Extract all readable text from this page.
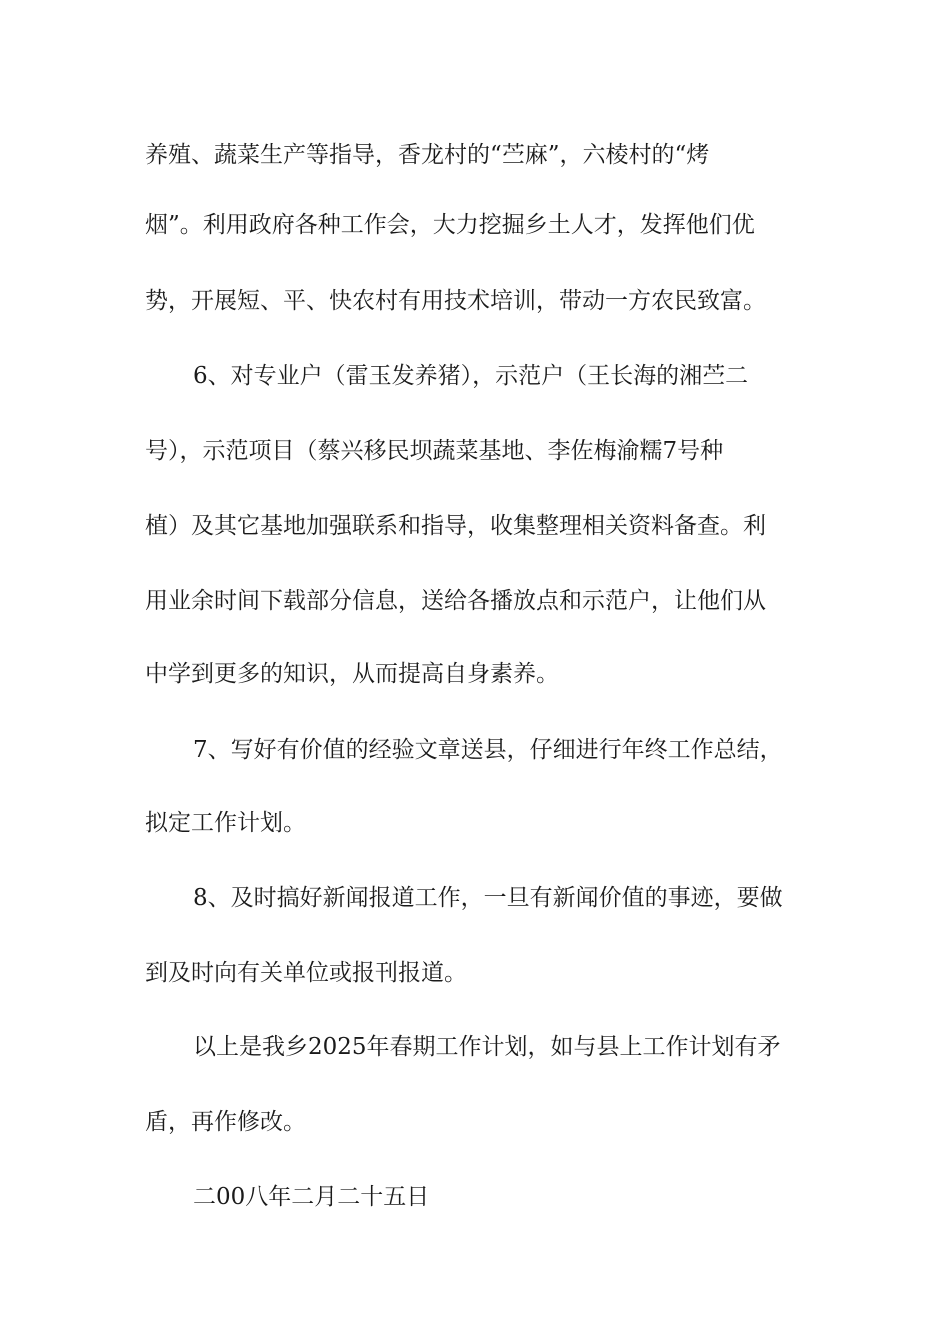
养殖、蔬菜生产等指导，香龙村的“苎麻”，六棱村的“烤
烟”。利用政府各种工作会，大力挖掘乡土人才，发挥他们优
势，开展短、平、快农村有用技术培训，带动一方农民致富。
6、对专业户（雷玉发养猪），示范户（王长海的湘苎二
号），示范项目（蔡兴移民坝蔬菜基地、李佐梅渝糯7号种
植）及其它基地加强联系和指导，收集整理相关资料备查。利
用业余时间下载部分信息，送给各播放点和示范户，让他们从
中学到更多的知识，从而提高自身素养。
7、写好有价值的经验文章送县，仔细进行年终工作总结，
拟定工作计划。
8、及时搞好新闻报道工作，一旦有新闻价值的事迹，要做
到及时向有关单位或报刊报道。
以上是我乡2025年春期工作计划，如与县上工作计划有矛
盾，再作修改。
二00八年二月二十五日
